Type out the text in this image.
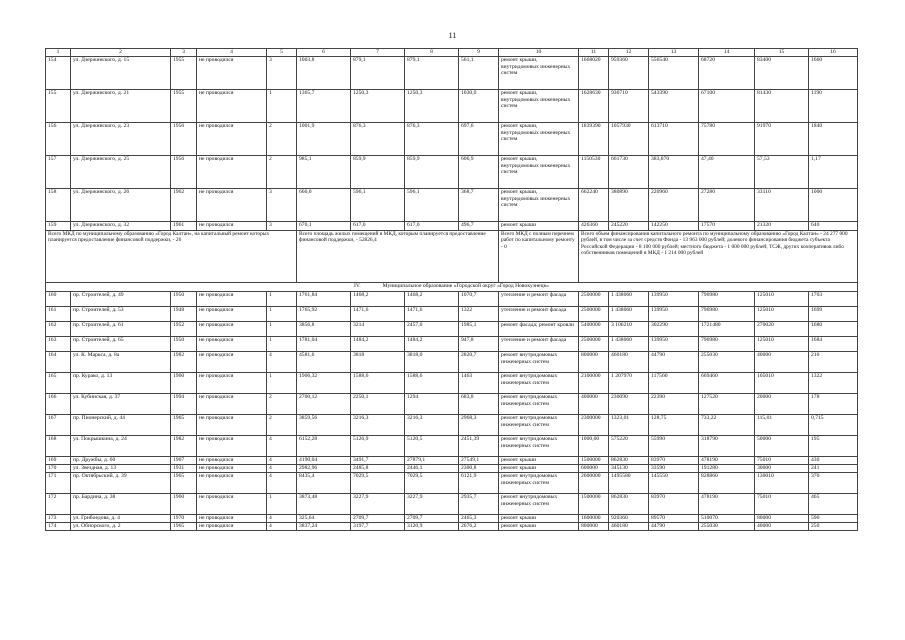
11
1	2	3	4	5	6	7	8	9	10	11	12	13	14	15	16
154	ул. Дзержинского, д. 15	1955	не проводился	3	1003,8	879,1	879,1	561,1	ремонт крыши, внутридомовых инженерных систем	1668020	959360	556540	68720	83400	1660
155	ул. Дзержинского, д. 21	1955	не проводился	1	1365,7	1250,3	1250,3	1030,0	ремонт крыши, внутридомовых инженерных систем	1628630	936710	543390	67100	81430	1190
156	ул. Дзержинского, д. 23	1956	не проводился	2	1001,9	876,3	876,3	697,6	ремонт крыши, внутридомовых инженерных систем	1839390	1057930	613710	75780	91970	1840
157	ул. Дзержинского, д. 25	1956	не проводился	2	985,1	859,9	859,9	606,9	ремонт крыши, внутридомовых инженерных систем	1150530	661730	383,870	47,40	57,53	1,17
158	ул. Дзержинского, д. 26	1962	не проводился	3	660,0	596,1	596,1	368,7	ремонт крыши, внутридомовых инженерных систем	662240	380890	220960	27280	33110	1000
159	ул. Дзержинского, д. 32	1961	не проводился	3	670,1	617,0	617,0	496,7	ремонт крыши	426360	245220	142250	17570	21320	640
Всего МКД по муниципальному образованию «Город Калтан», на капитальный ремонт которых планируется предоставление финансовой поддержки, - 26					Всего площадь жилых помещений в МКД, которым планируется предоставление финансовой поддержки, - 52826,4				Всего МКД с полным перечнем работ по капитальному ремонту - 0	Всего объем финансирования капитального ремонта по муниципальному образованию «Город Калтан» - 24 277 000 рублей, в том числе за счет средств Фонда - 13 963 000 рублей; долевого финансирования бюджета субъекта Российской Федерации - 8 100 000 рублей; местного бюджета - 1 000 000 рублей; ТСЖ, других кооперативов либо собственников помещений в МКД - 1 214 000 рублей					
IV. Муниципальное образование «Городской округ «Город Новокузнецк»															
160	пр. Строителей, д. 49	1950	не проводился	1	1761,84	1468,2	1468,2	1070,7	утепление и ремонт фасада	2500000	1 438060	139950	796980	125010	1703
161	пр. Строителей, д. 53	1948	не проводился	1	1765,92	1471,6	1471,6	1322	утепление и ремонт фасада	2500000	1 438060	139950	796980	125010	1699
162	пр. Строителей, д. 61	1952	не проводился	1	3856,8	3214	2457,0	1985,1	ремонт фасада; ремонт кровли	5400000	3 106210	302290	1721480	270020	1680
163	пр. Строителей, д. 65	1950	не проводился	1	1781,04	1484,2	1484,2	947,8	утепление и ремонт фасада	2500000	1 438060	139950	796980	125010	1684
164	ул. К. Маркса, д. 8а	1982	не проводился	4	4581,6	3818	3818,0	2820,7	ремонт внутридомовых инженерных систем	800000	460180	44790	255030	40000	210
165	пр. Курако, д. 13	1960	не проводился	1	1906,32	1588,6	1588,6	1463	ремонт внутридомовых инженерных систем	2100000	1 207970	117560	669460	105010	1322
166	ул. Кубинская, д. 37	1994	не проводился	2	2700,12	2250,1	1294	683,8	ремонт внутридомовых инженерных систем	400000	230090	22390	127520	20000	178
167	пр. Пионерский, д. 44	1965	не проводился	2	3859,56	3216,3	3216,3	2968,3	ремонт внутридомовых инженерных систем	2300000	1323,01	128,75	733,22	115,01	0,715
168	ул. Покрышкина, д. 24	1982	не проводился	4	6152,28	5126,9	5120,5	2451,39	ремонт внутридомовых инженерных систем	1000,00	575220	55990	318790	50000	195
169	пр. Дружбы, д. 60	1967	не проводился	4	4190,04	3491,7	27879,1	27549,1	ремонт крыши	1500000	862830	83970	478190	75010	430
170	ул. Звездная, д. 13	1931	не проводился	4	2982,96	2485,8	2446,1	2300,8	ремонт крыши	600000	345130	33590	191280	30000	241
171	пр. Октябрьский, д. 39	1965	не проводился	4	8435,4	7029,5	7029,5	6121,9	ремонт внутридомовых инженерных систем	2600000	1495580	145550	828860	130010	370
172	пр. Бардина, д. 38	1960	не проводился	1	3873,48	3227,9	3227,9	2935,7	ремонт внутридомовых инженерных систем	1500000	862830	83970	478190	75010	465
173	ул. Грибоедова, д. 4	1970	не проводился	4	325,64	2709,7	2709,7	2465,3	ремонт крыши	1600000	920360	89570	510070	80000	590
174	ул. Обнорского, д. 2	1965	не проводился	4	3837,24	3197,7	3120,9	2676,2	ремонт крыши	800000	460180	44790	255030	40000	250
